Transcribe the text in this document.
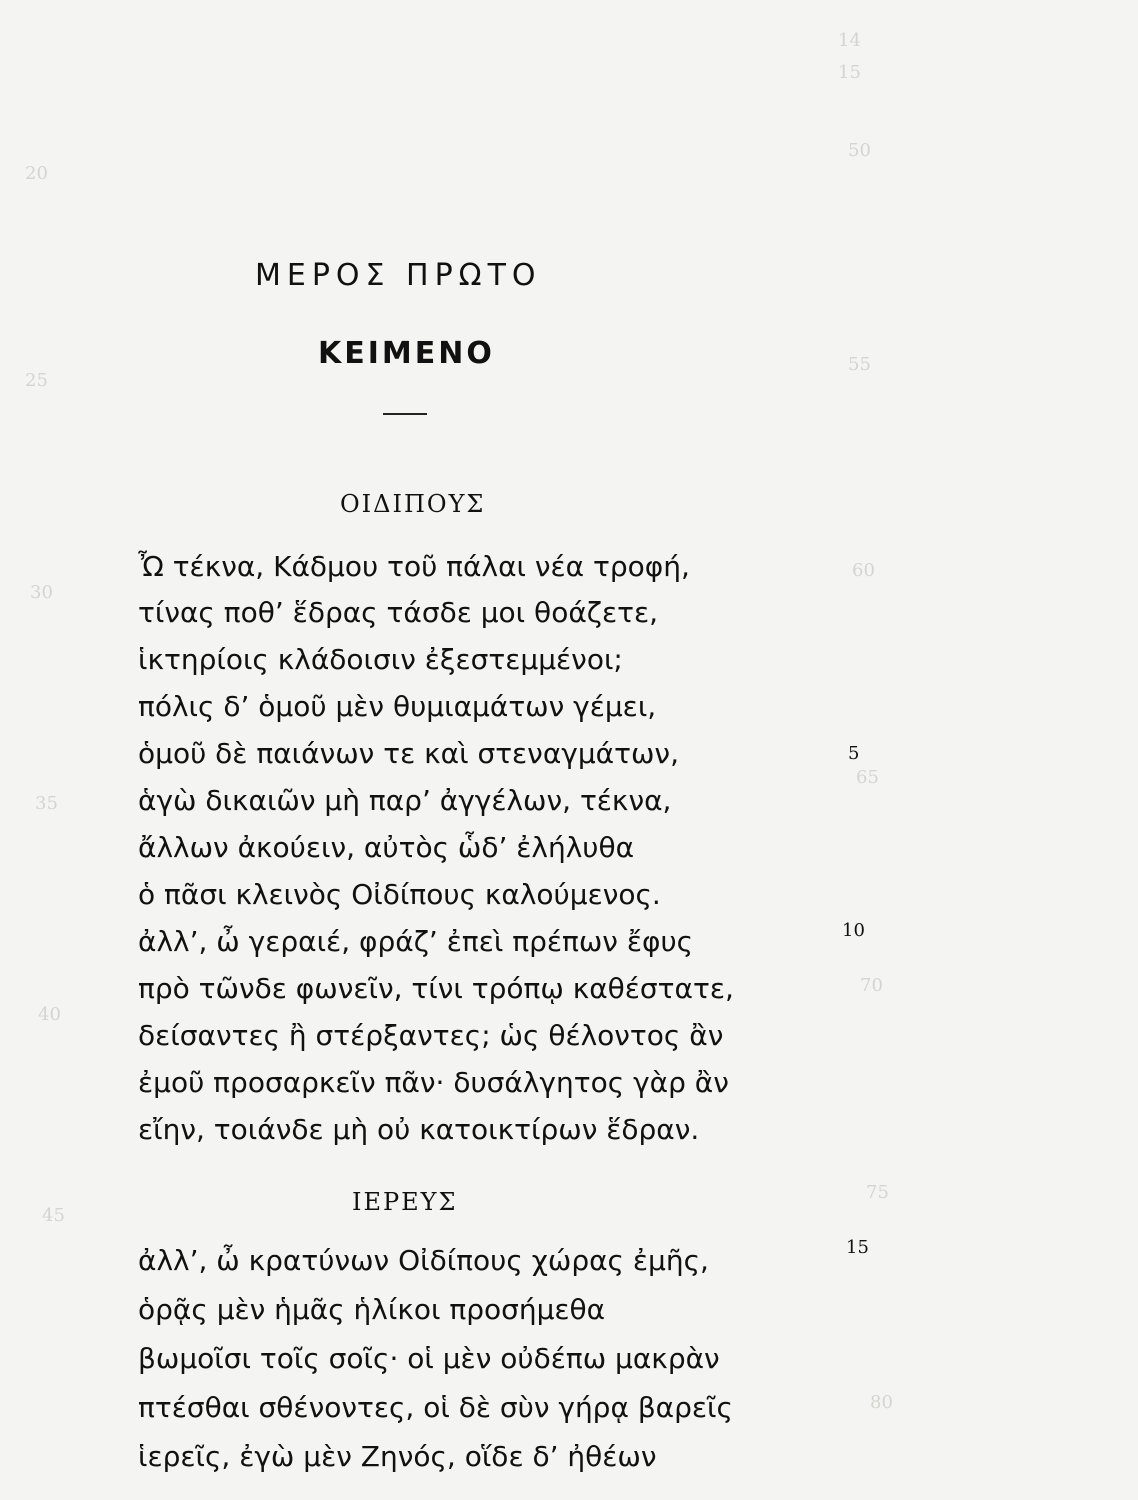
14
15
20
50
25
55
30
60
65
35
40
70
75
45
80
ΜΕΡΟΣ ΠΡΩΤΟ
ΚΕΙΜΕΝΟ
ΟΙΔΙΠΟΥΣ
Ὦ τέκνα, Κάδμου τοῦ πάλαι νέα τροφή,
τίνας ποθ’ ἕδρας τάσδε μοι θοάζετε,
ἱκτηρίοις κλάδοισιν ἐξεστεμμένοι;
πόλις δ’ ὁμοῦ μὲν θυμιαμάτων γέμει,
ὁμοῦ δὲ παιάνων τε καὶ στεναγμάτων,
ἁγὼ δικαιῶν μὴ παρ’ ἀγγέλων, τέκνα,
ἄλλων ἀκούειν, αὐτὸς ὧδ’ ἐλήλυθα
ὁ πᾶσι κλεινὸς Οἰδίπους καλούμενος.
ἀλλ’, ὦ γεραιέ, φράζ’ ἐπεὶ πρέπων ἔφυς
πρὸ τῶνδε φωνεῖν, τίνι τρόπῳ καθέστατε,
δείσαντες ἢ στέρξαντες; ὡς θέλοντος ἂν
ἐμοῦ προσαρκεῖν πᾶν· δυσάλγητος γὰρ ἂν
εἴην, τοιάνδε μὴ οὐ κατοικτίρων ἕδραν.
ΙΕΡΕΥΣ
ἀλλ’, ὦ κρατύνων Οἰδίπους χώρας ἐμῆς,
ὁρᾷς μὲν ἡμᾶς ἡλίκοι προσήμεθα
βωμοῖσι τοῖς σοῖς· οἱ μὲν οὐδέπω μακρὰν
πτέσθαι σθένοντες, οἱ δὲ σὺν γήρᾳ βαρεῖς
ἱερεῖς, ἐγὼ μὲν Ζηνός, οἵδε δ’ ἠθέων
5
10
15
